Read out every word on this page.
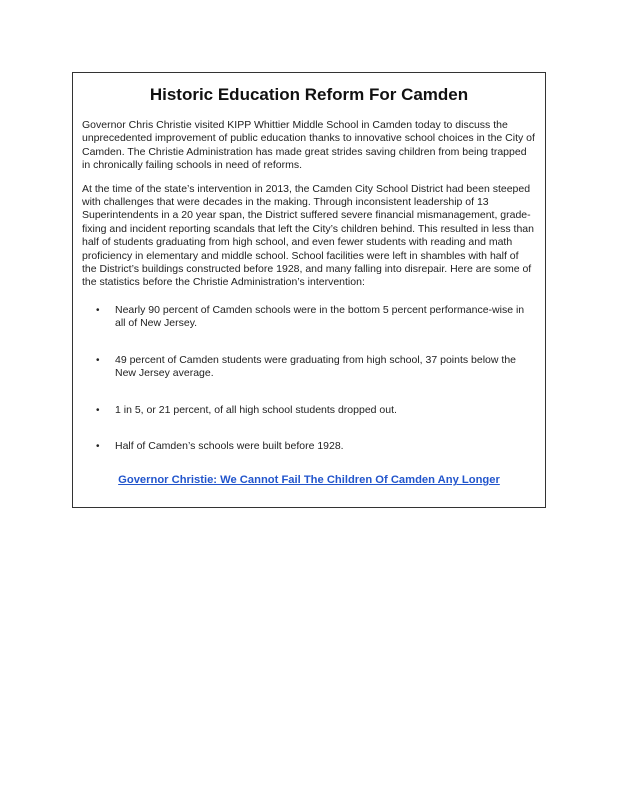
Historic Education Reform For Camden

Governor Chris Christie visited KIPP Whittier Middle School in Camden today to discuss the unprecedented improvement of public education thanks to innovative school choices in the City of Camden. The Christie Administration has made great strides saving children from being trapped in chronically failing schools in need of reforms.

At the time of the state’s intervention in 2013, the Camden City School District had been steeped with challenges that were decades in the making. Through inconsistent leadership of 13 Superintendents in a 20 year span, the District suffered severe financial mismanagement, grade-fixing and incident reporting scandals that left the City’s children behind. This resulted in less than half of students graduating from high school, and even fewer students with reading and math proficiency in elementary and middle school. School facilities were left in shambles with half of the District’s buildings constructed before 1928, and many falling into disrepair. Here are some of the statistics before the Christie Administration’s intervention:

• Nearly 90 percent of Camden schools were in the bottom 5 percent performance-wise in all of New Jersey.
• 49 percent of Camden students were graduating from high school, 37 points below the New Jersey average.
• 1 in 5, or 21 percent, of all high school students dropped out.
• Half of Camden’s schools were built before 1928.
Governor Christie: We Cannot Fail The Children Of Camden Any Longer
